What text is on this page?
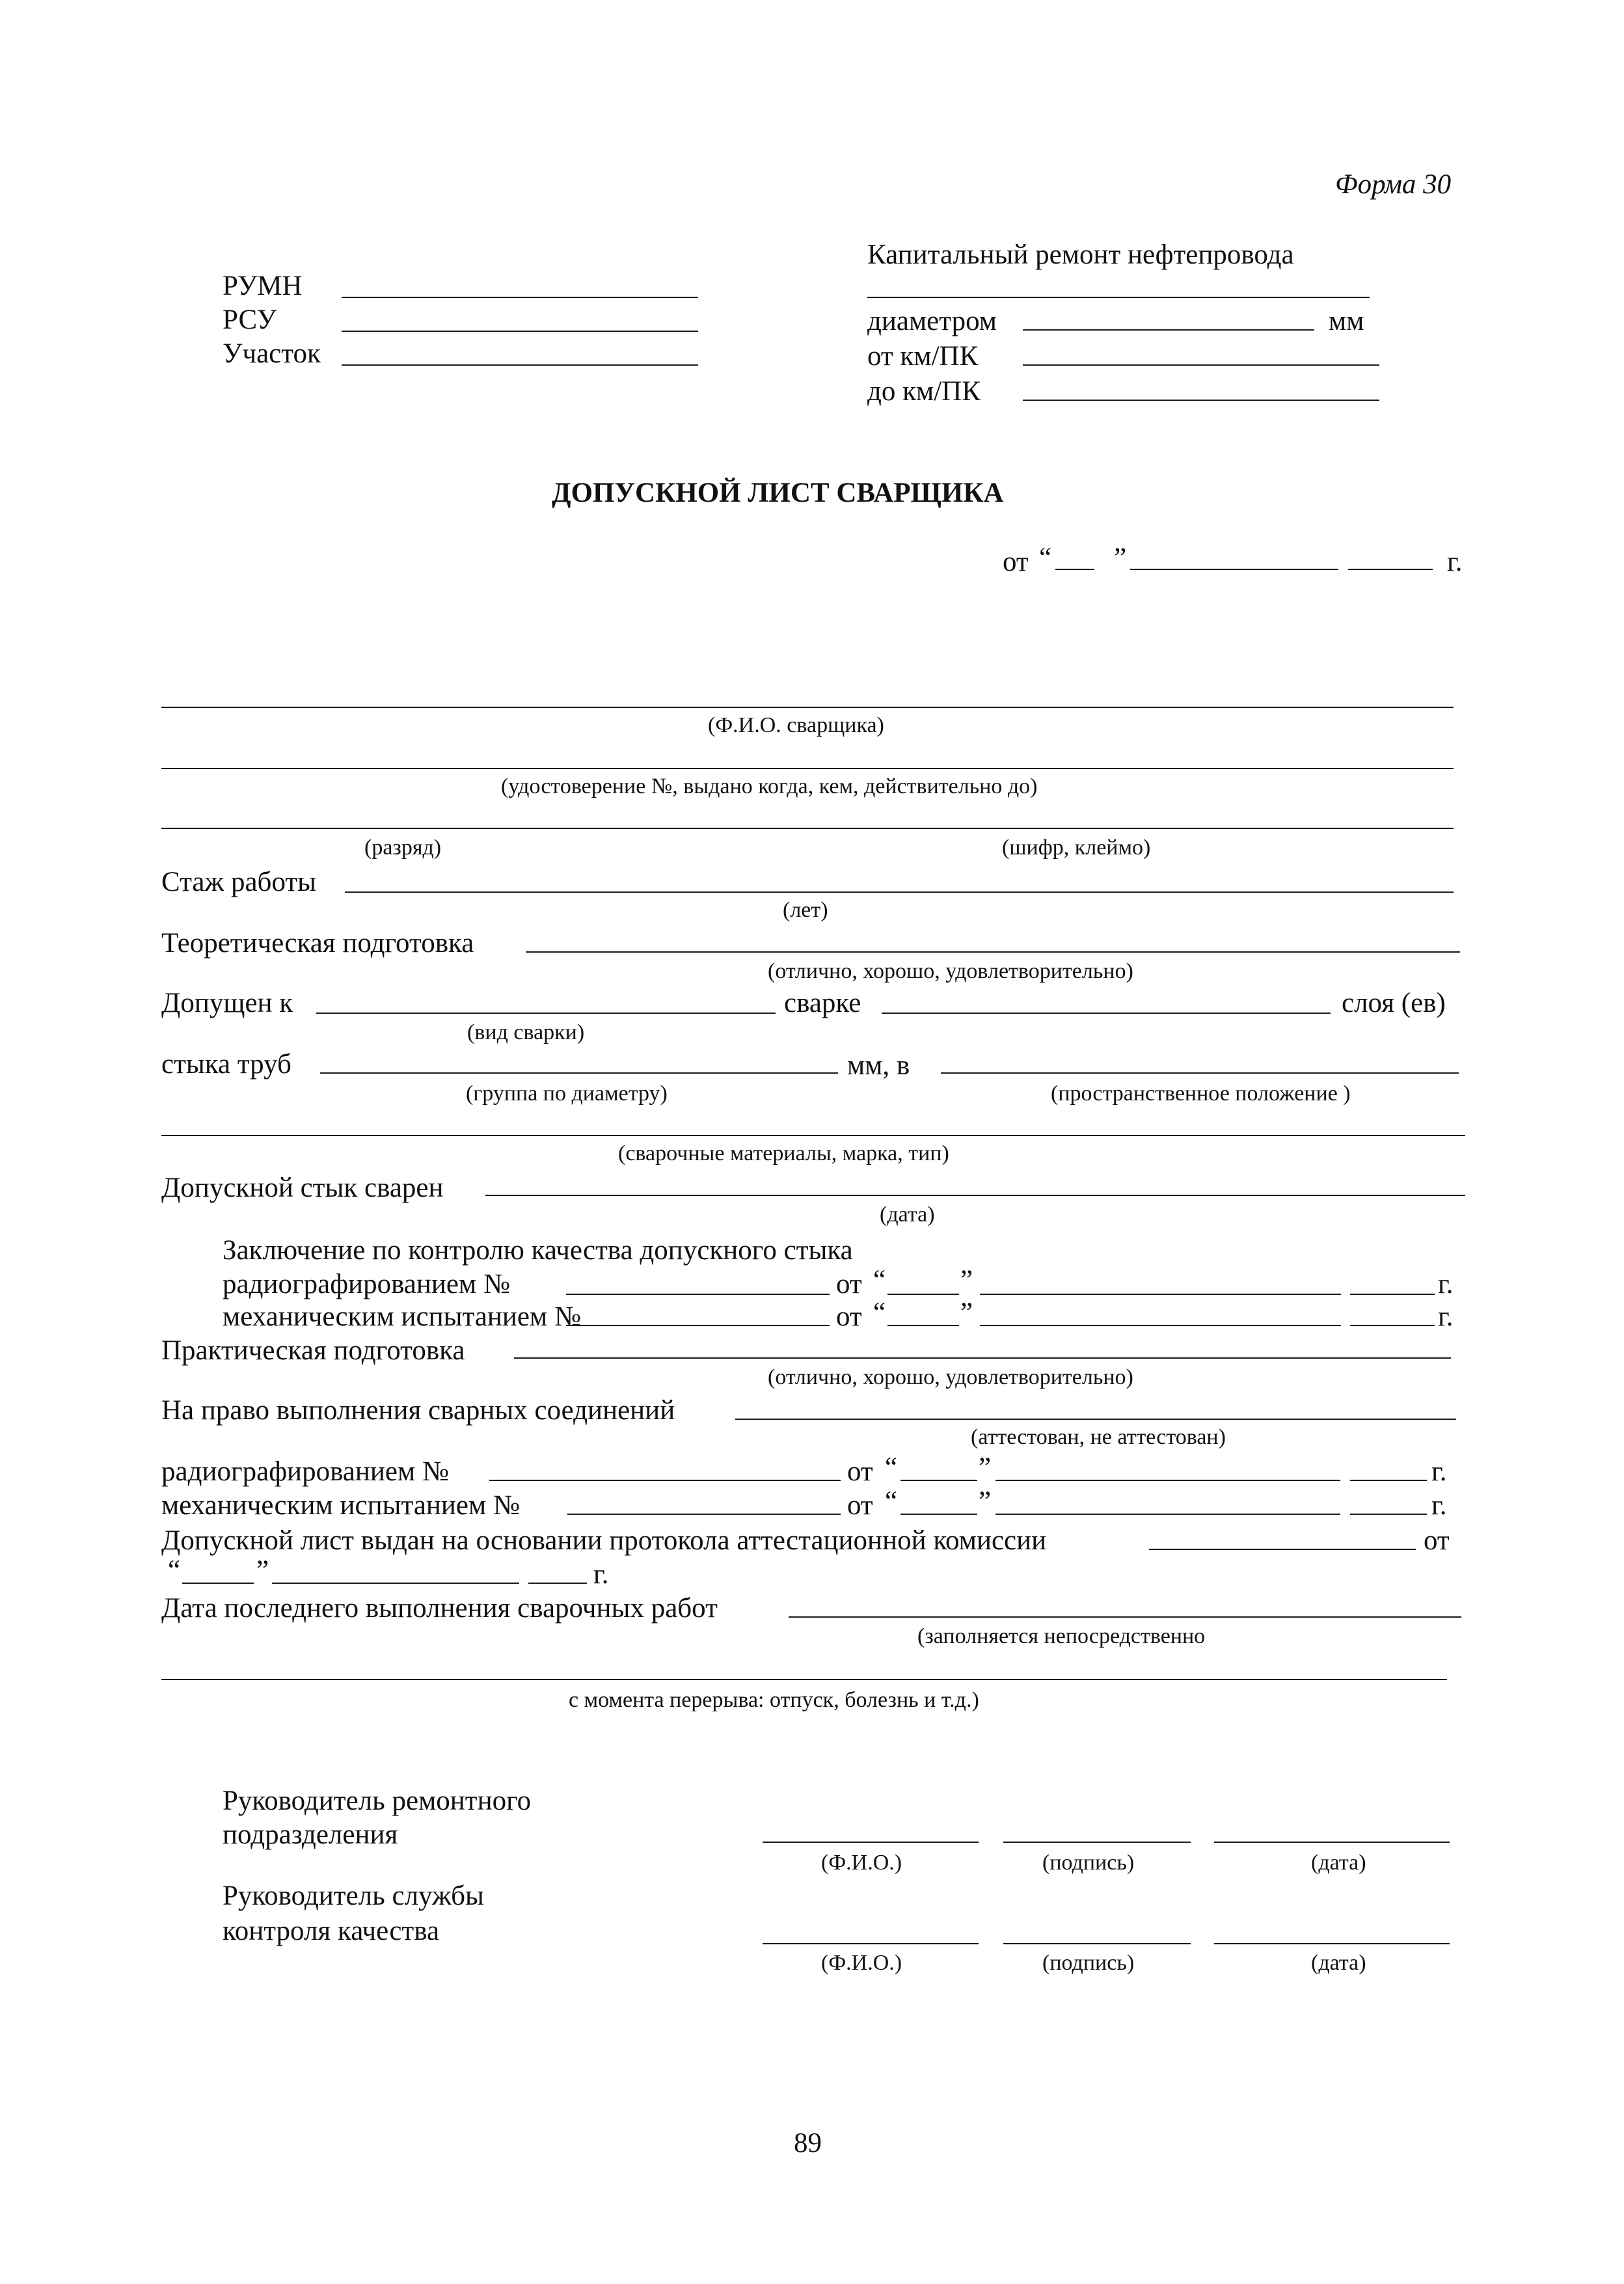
Форма 30
РУМН
РСУ
Участок
Капитальный ремонт нефтепровода
диаметром	мм
от км/ПК
до км/ПК
ДОПУСКНОЙ ЛИСТ СВАРЩИКА
от “ ”	г.
(Ф.И.О. сварщика)
(удостоверение №, выдано когда, кем, действительно до)
(разряд)	(шифр, клеймо)
Стаж работы
(лет)
Теоретическая подготовка
(отлично, хорошо, удовлетворительно)
Допущен к	сварке	слоя (ев)
(вид сварки)
стыка труб	мм, в
(группа по диаметру)	(пространственное положение )
(сварочные материалы, марка, тип)
Допускной стык сварен
(дата)
Заключение по контролю качества допускного стыка
радиографированием №	от “	”	г.
механическим испытанием №	от “	”	г.
Практическая подготовка
(отлично, хорошо, удовлетворительно)
На право выполнения сварных соединений
(аттестован, не аттестован)
радиографированием №	от “	”	г.
механическим испытанием №	от “	”	г.
Допускной лист выдан на основании протокола аттестационной комиссии	от
“	”	г.
Дата последнего выполнения сварочных работ
(заполняется непосредственно
с момента перерыва: отпуск, болезнь и т.д.)
Руководитель ремонтного
подразделения
(Ф.И.О.)	(подпись)	(дата)
Руководитель службы
контроля качества
(Ф.И.О.)	(подпись)	(дата)
89
